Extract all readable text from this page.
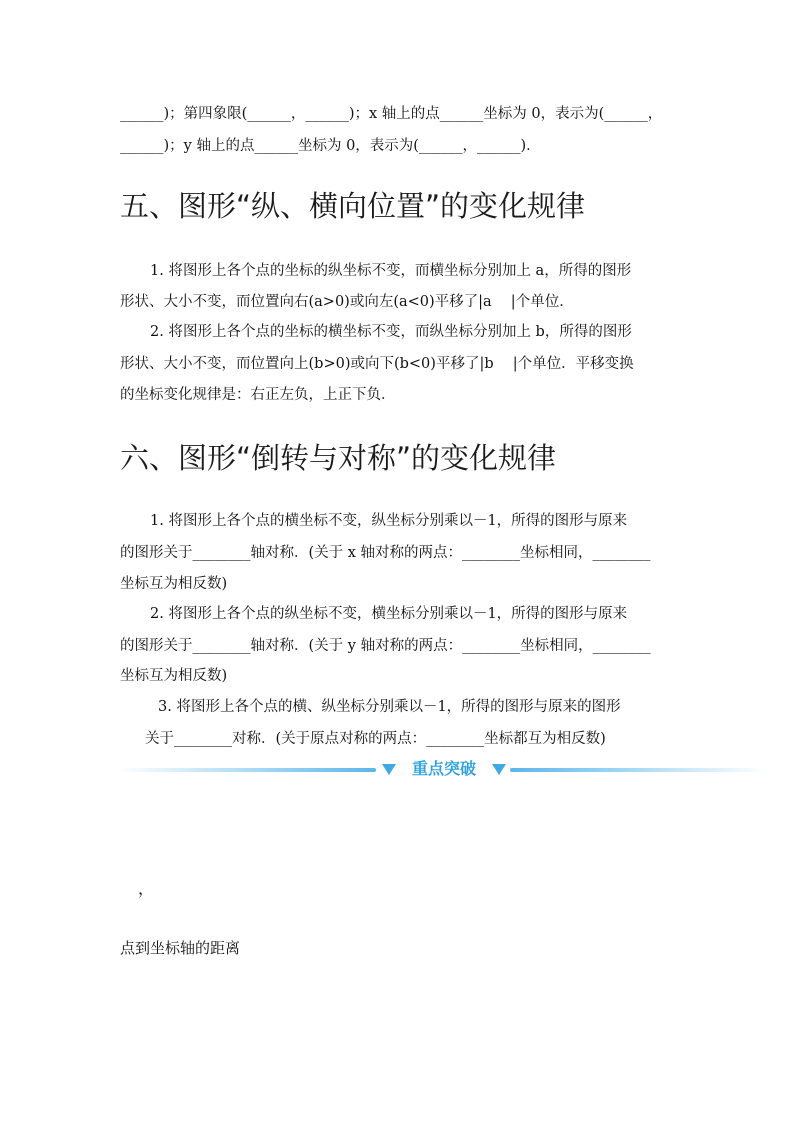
______)；第四象限(______，______)；x 轴上的点______坐标为 0，表示为(______，
______)；y 轴上的点______坐标为 0，表示为(______，______)．
五、图形“纵、横向位置”的变化规律
1. 将图形上各个点的坐标的纵坐标不变，而横坐标分别加上 a，所得的图形
形状、大小不变，而位置向右(a>0)或向左(a<0)平移了|a　 |个单位．
2. 将图形上各个点的坐标的横坐标不变，而纵坐标分别加上 b，所得的图形
形状、大小不变，而位置向上(b>0)或向下(b<0)平移了|b　 |个单位．平移变换
的坐标变化规律是：右正左负，上正下负．
六、图形“倒转与对称”的变化规律
1. 将图形上各个点的横坐标不变，纵坐标分别乘以－1，所得的图形与原来
的图形关于________轴对称．(关于 x 轴对称的两点：________坐标相同，________
坐标互为相反数)
2. 将图形上各个点的纵坐标不变，横坐标分别乘以－1，所得的图形与原来
的图形关于________轴对称．(关于 y 轴对称的两点：________坐标相同，________
坐标互为相反数)
3. 将图形上各个点的横、纵坐标分别乘以－1，所得的图形与原来的图形
关于________对称．(关于原点对称的两点：________坐标都互为相反数)
重点突破
，
点到坐标轴的距离
